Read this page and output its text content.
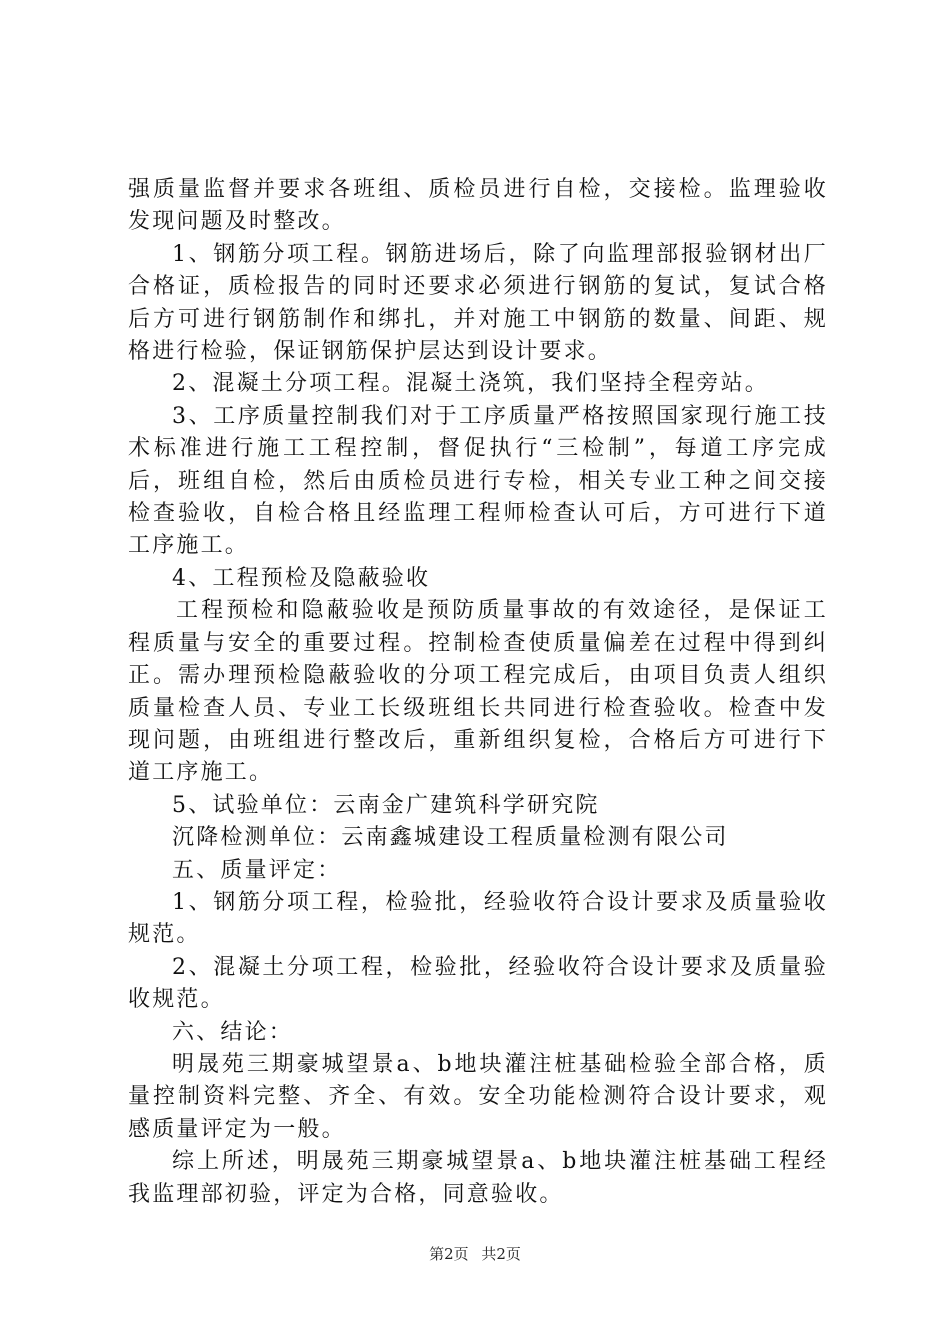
强质量监督并要求各班组、质检员进行自检，交接检。监理验收发现问题及时整改。

1、钢筋分项工程。钢筋进场后，除了向监理部报验钢材出厂合格证，质检报告的同时还要求必须进行钢筋的复试，复试合格后方可进行钢筋制作和绑扎，并对施工中钢筋的数量、间距、规格进行检验，保证钢筋保护层达到设计要求。

2、混凝土分项工程。混凝土浇筑，我们坚持全程旁站。

3、工序质量控制我们对于工序质量严格按照国家现行施工技术标准进行施工工程控制，督促执行“三检制”，每道工序完成后，班组自检，然后由质检员进行专检，相关专业工种之间交接检查验收，自检合格且经监理工程师检查认可后，方可进行下道工序施工。

4、工程预检及隐蔽验收

工程预检和隐蔽验收是预防质量事故的有效途径，是保证工程质量与安全的重要过程。控制检查使质量偏差在过程中得到纠正。需办理预检隐蔽验收的分项工程完成后，由项目负责人组织质量检查人员、专业工长级班组长共同进行检查验收。检查中发现问题，由班组进行整改后，重新组织复检，合格后方可进行下道工序施工。

5、试验单位：云南金广建筑科学研究院

沉降检测单位：云南鑫城建设工程质量检测有限公司

五、质量评定：

1、钢筋分项工程，检验批，经验收符合设计要求及质量验收规范。

2、混凝土分项工程，检验批，经验收符合设计要求及质量验收规范。

六、结论：

明晟苑三期豪城望景a、b地块灌注桩基础检验全部合格，质量控制资料完整、齐全、有效。安全功能检测符合设计要求，观感质量评定为一般。

综上所述，明晟苑三期豪城望景a、b地块灌注桩基础工程经我监理部初验，评定为合格，同意验收。

第2页 共2页
